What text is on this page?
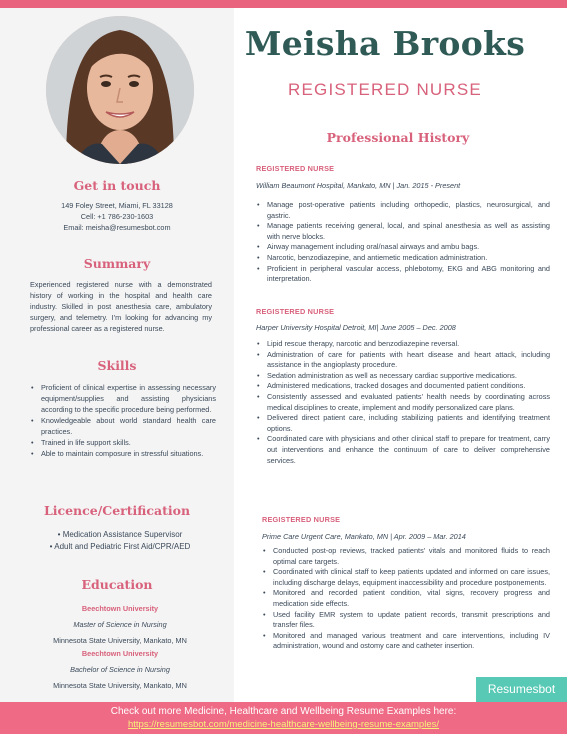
Meisha Brooks
REGISTERED NURSE
Get in touch
149 Foley Street, Miami, FL 33128
Cell: +1 786-230-1603
Email: meisha@resumesbot.com
Summary
Experienced registered nurse with a demonstrated history of working in the hospital and health care industry. Skilled in post anesthesia care, ambulatory surgery, and telemetry. I'm looking for advancing my professional career as a registered nurse.
Skills
• Proficient of clinical expertise in assessing necessary equipment/supplies and assisting physicians according to the specific procedure being performed.
• Knowledgeable about world standard health care practices.
• Trained in life support skills.
• Able to maintain composure in stressful situations.
Licence/Certification
• Medication Assistance Supervisor
• Adult and Pediatric First Aid/CPR/AED
Education
Beechtown University
Master of Science in Nursing
Minnesota State University, Mankato, MN
Beechtown University
Bachelor of Science in Nursing
Minnesota State University, Mankato, MN
Professional History
REGISTERED NURSE
William Beaumont Hospital, Mankato, MN | Jan. 2015 - Present
• Manage post-operative patients including orthopedic, plastics, neurosurgical, and gastric.
• Manage patients receiving general, local, and spinal anesthesia as well as assisting with nerve blocks.
• Airway management including oral/nasal airways and ambu bags.
• Narcotic, benzodiazepine, and antiemetic medication administration.
• Proficient in peripheral vascular access, phlebotomy, EKG and ABG monitoring and interpretation.
REGISTERED NURSE
Harper University Hospital Detroit, MI| June 2005 – Dec. 2008
• Lipid rescue therapy, narcotic and benzodiazepine reversal.
• Administration of care for patients with heart disease and heart attack, including assistance in the angioplasty procedure.
• Sedation administration as well as necessary cardiac supportive medications.
• Administered medications, tracked dosages and documented patient conditions.
• Consistently assessed and evaluated patients' health needs by coordinating across medical disciplines to create, implement and modify personalized care plans.
• Delivered direct patient care, including stabilizing patients and identifying treatment options.
• Coordinated care with physicians and other clinical staff to prepare for treatment, carry out interventions and enhance the continuum of care to deliver comprehensive services.
REGISTERED NURSE
Prime Care Urgent Care, Mankato, MN | Apr. 2009 – Mar. 2014
• Conducted post-op reviews, tracked patients' vitals and monitored fluids to reach optimal care targets.
• Coordinated with clinical staff to keep patients updated and informed on care issues, including discharge delays, equipment inaccessibility and procedure postponements.
• Monitored and recorded patient condition, vital signs, recovery progress and medication side effects.
• Used facility EMR system to update patient records, transmit prescriptions and transfer files.
• Monitored and managed various treatment and care interventions, including IV administration, wound and ostomy care and catheter insertion.
Resumesbot
Check out more Medicine, Healthcare and Wellbeing Resume Examples here:
https://resumesbot.com/medicine-healthcare-wellbeing-resume-examples/
